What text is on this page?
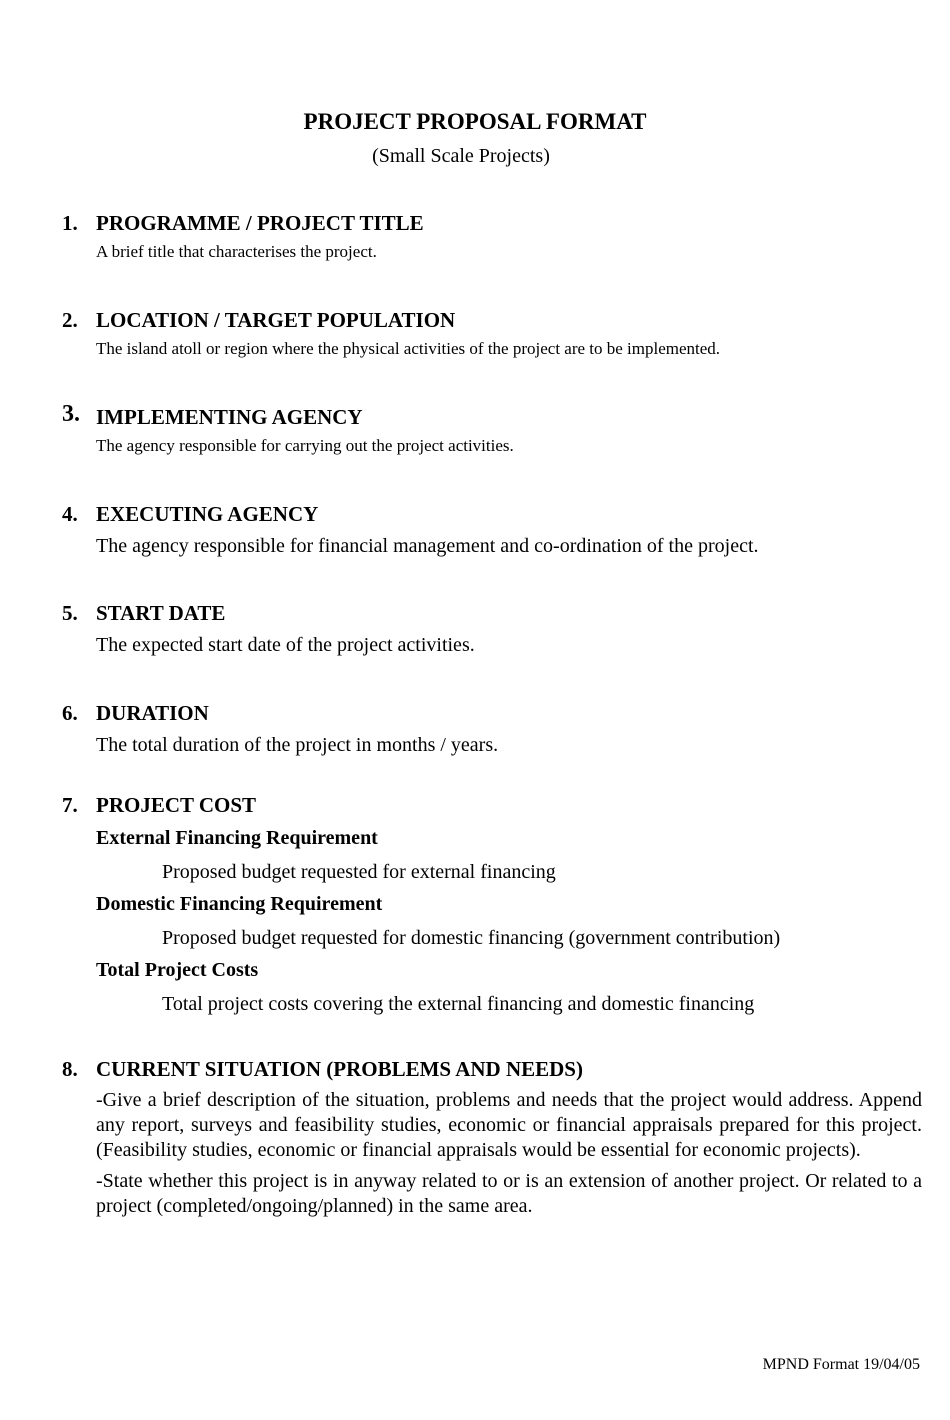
PROJECT PROPOSAL FORMAT
(Small Scale Projects)
1. PROGRAMME / PROJECT TITLE
A brief title that characterises the project.
2. LOCATION / TARGET POPULATION
The island atoll or region where the physical activities of the project are to be implemented.
3. IMPLEMENTING AGENCY
The agency responsible for carrying out the project activities.
4. EXECUTING AGENCY
The agency responsible for financial management and co-ordination of the project.
5. START DATE
The expected start date of the project activities.
6. DURATION
The total duration of the project in months / years.
7. PROJECT COST
External Financing Requirement
Proposed budget requested for external financing
Domestic Financing Requirement
Proposed budget requested for domestic financing (government contribution)
Total Project Costs
Total project costs covering the external financing and domestic financing
8. CURRENT SITUATION (PROBLEMS AND NEEDS)
-Give a brief description of the situation, problems and needs that the project would address. Append any report, surveys and feasibility studies, economic or financial appraisals prepared for this project. (Feasibility studies, economic or financial appraisals would be essential for economic projects).
-State whether this project is in anyway related to or is an extension of another project. Or related to a project (completed/ongoing/planned) in the same area.
MPND Format 19/04/05
